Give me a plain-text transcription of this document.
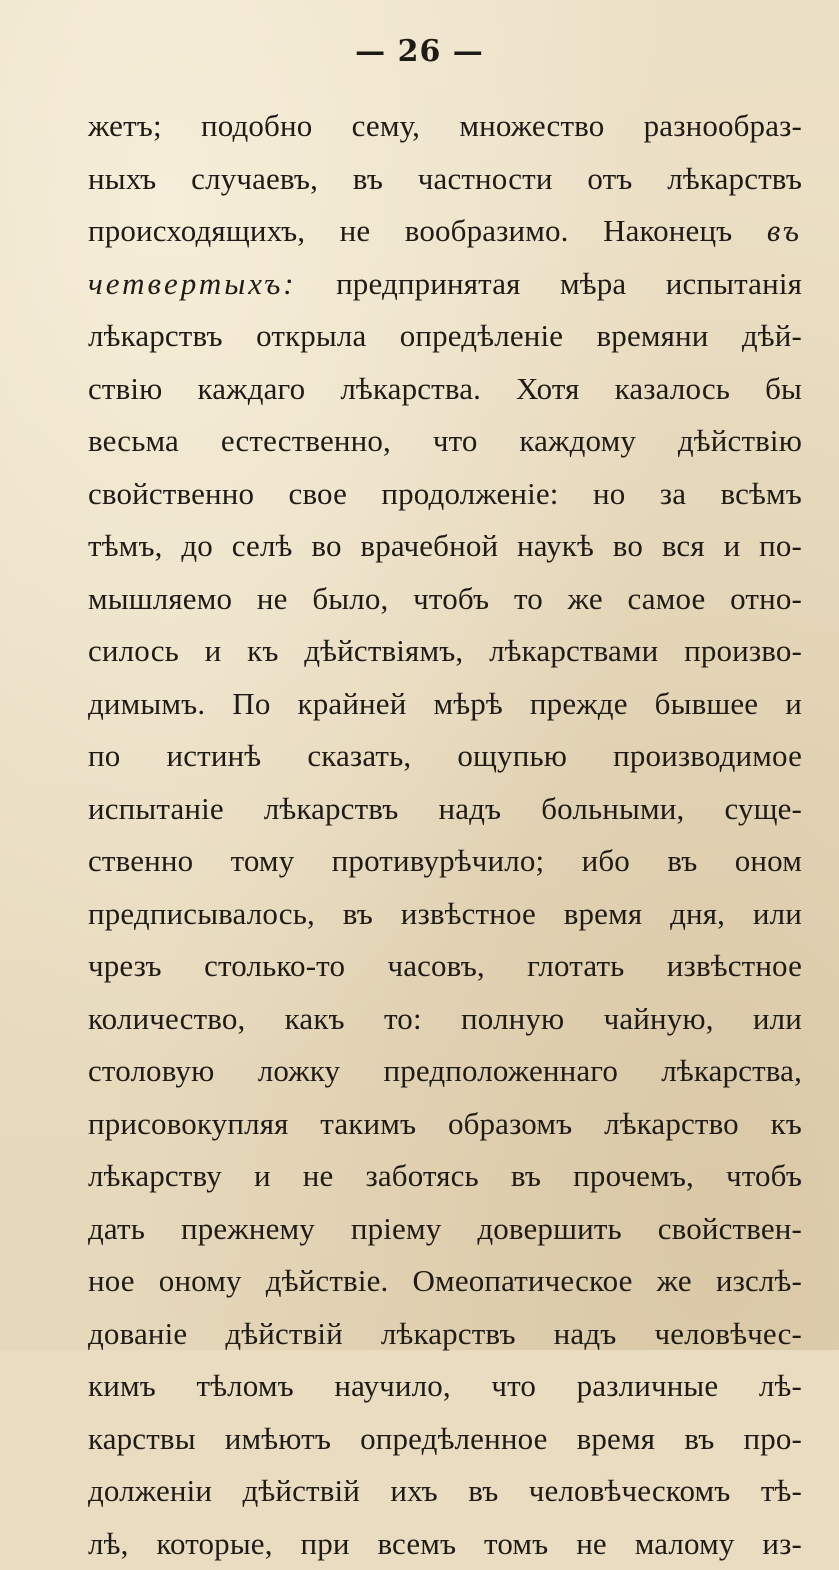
— 26 —
жетъ; подобно сему, множество разнообраз-
ныхъ случаевъ, въ частности отъ лѣкарствъ
происходящихъ, не вообразимо. Наконецъ въ
четвертыхъ: предпринятая мѣра испытанія
лѣкарствъ открыла опредѣленіе времяни дѣй-
ствію каждаго лѣкарства. Хотя казалось бы
весьма естественно, что каждому дѣйствію
свойственно свое продолженіе: но за всѣмъ
тѣмъ, до селѣ во врачебной наукѣ во вся и по-
мышляемо не было, чтобъ то же самое отно-
силось и къ дѣйствіямъ, лѣкарствами произво-
димымъ. По крайней мѣрѣ прежде бывшее и
по истинѣ сказать, ощупью производимое
испытаніе лѣкарствъ надъ больными, суще-
ственно тому противурѣчило; ибо въ оном
предписывалось, въ извѣстное время дня, или
чрезъ столько-то часовъ, глотать извѣстное
количество, какъ то: полную чайную, или
столовую ложку предположеннаго лѣкарства,
присовокупляя такимъ образомъ лѣкарство къ
лѣкарству и не заботясь въ прочемъ, чтобъ
дать прежнему пріему довершить свойствен-
ное оному дѣйствіе. Омеопатическое же изслѣ-
дованіе дѣйствій лѣкарствъ надъ человѣчес-
кимъ тѣломъ научило, что различные лѣ-
карствы имѣютъ опредѣленное время въ про-
долженіи дѣйствій ихъ въ человѣческомъ тѣ-
лѣ, которые, при всемъ томъ не малому из-
